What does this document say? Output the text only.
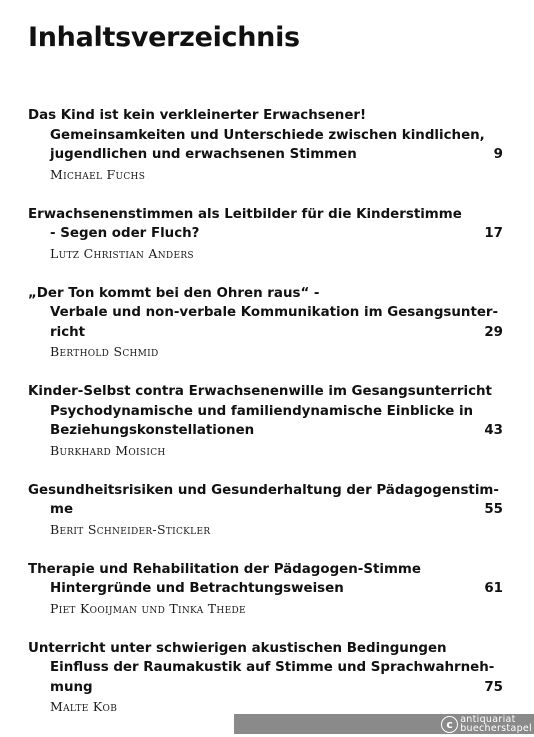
Inhaltsverzeichnis
Das Kind ist kein verkleinerter Erwachsener!
Gemeinsamkeiten und Unterschiede zwischen kindlichen,
jugendlichen und erwachsenen Stimmen	9
Michael Fuchs
Erwachsenenstimmen als Leitbilder für die Kinderstimme
- Segen oder Fluch?	17
Lutz Christian Anders
„Der Ton kommt bei den Ohren raus“ -
Verbale und non-verbale Kommunikation im Gesangsunter-
richt	29
Berthold Schmid
Kinder-Selbst contra Erwachsenenwille im Gesangsunterricht
Psychodynamische und familiendynamische Einblicke in
Beziehungskonstellationen	43
Burkhard Moisich
Gesundheitsrisiken und Gesunderhaltung der Pädagogenstim-
me	55
Berit Schneider-Stickler
Therapie und Rehabilitation der Pädagogen-Stimme
Hintergründe und Betrachtungsweisen	61
Piet Kooijman und Tinka Thede
Unterricht unter schwierigen akustischen Bedingungen
Einfluss der Raumakustik auf Stimme und Sprachwahrneh-
mung	75
Malte Kob
c antiquariat
buecherstapel
